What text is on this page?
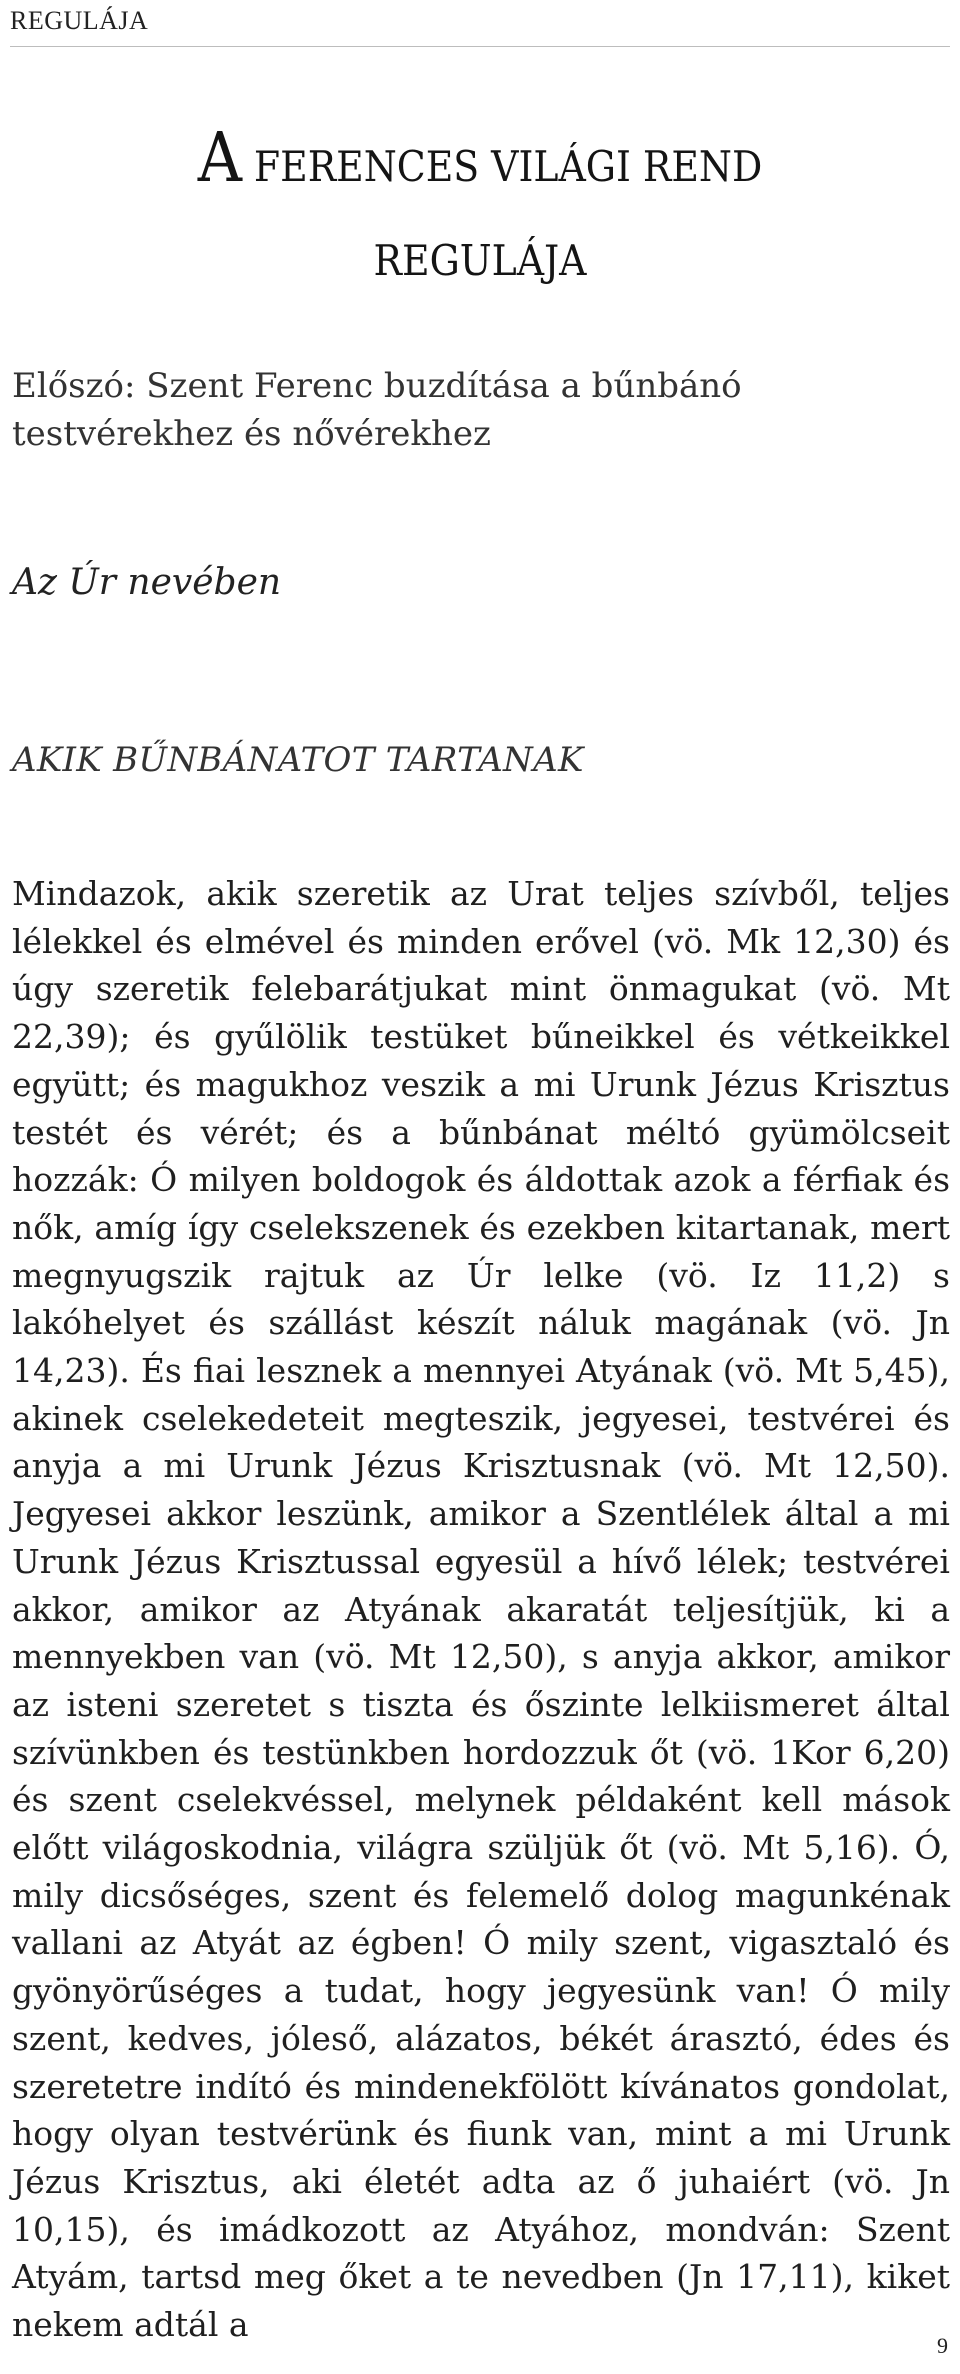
REGULÁJA
A FERENCES VILÁGI REND
REGULÁJA

Előszó: Szent Ferenc buzdítása a bűnbánó testvérekhez és nővérekhez

Az Úr nevében

AKIK BŰNBÁNATOT TARTANAK

Mindazok, akik szeretik az Urat teljes szívből, teljes lélekkel és elmével és minden erővel (vö. Mk 12,30) és úgy szeretik felebarátjukat mint önmagukat (vö. Mt 22,39); és gyűlölik testüket bűneikkel és vétkeikkel együtt; és magukhoz veszik a mi Urunk Jézus Krisztus testét és vérét; és a bűnbánat méltó gyümölcseit hozzák: Ó milyen boldogok és áldottak azok a férfiak és nők, amíg így cselekszenek és ezekben kitartanak, mert megnyugszik rajtuk az Úr lelke (vö. Iz 11,2) s lakóhelyet és szállást készít náluk magának (vö. Jn 14,23). És fiai lesznek a mennyei Atyának (vö. Mt 5,45), akinek cselekedeteit megteszik, jegyesei, testvérei és anyja a mi Urunk Jézus Krisztusnak (vö. Mt 12,50). Jegyesei akkor leszünk, amikor a Szentlélek által a mi Urunk Jézus Krisztussal egyesül a hívő lélek; testvérei akkor, amikor az Atyának akaratát teljesítjük, ki a mennyekben van (vö. Mt 12,50), s anyja akkor, amikor az isteni szeretet s tiszta és őszinte lelkiismeret által szívünkben és testünkben hordozzuk őt (vö. 1Kor 6,20) és szent cselekvéssel, melynek példaként kell mások előtt világoskodnia, világra szüljük őt (vö. Mt 5,16). Ó, mily dicsőséges, szent és felemelő dolog magunkénak vallani az Atyát az égben! Ó mily szent, vigasztaló és gyönyörűséges a tudat, hogy jegyesünk van! Ó mily szent, kedves, jóleső, alázatos, békét árasztó, édes és szeretetre indító és mindenekfölött kívánatos gondolat, hogy olyan testvérünk és fiunk van, mint a mi Urunk Jézus Krisztus, aki életét adta az ő juhaiért (vö. Jn 10,15), és imádkozott az Atyához, mondván: Szent Atyám, tartsd meg őket a te nevedben (Jn 17,11), kiket nekem adtál a

9
